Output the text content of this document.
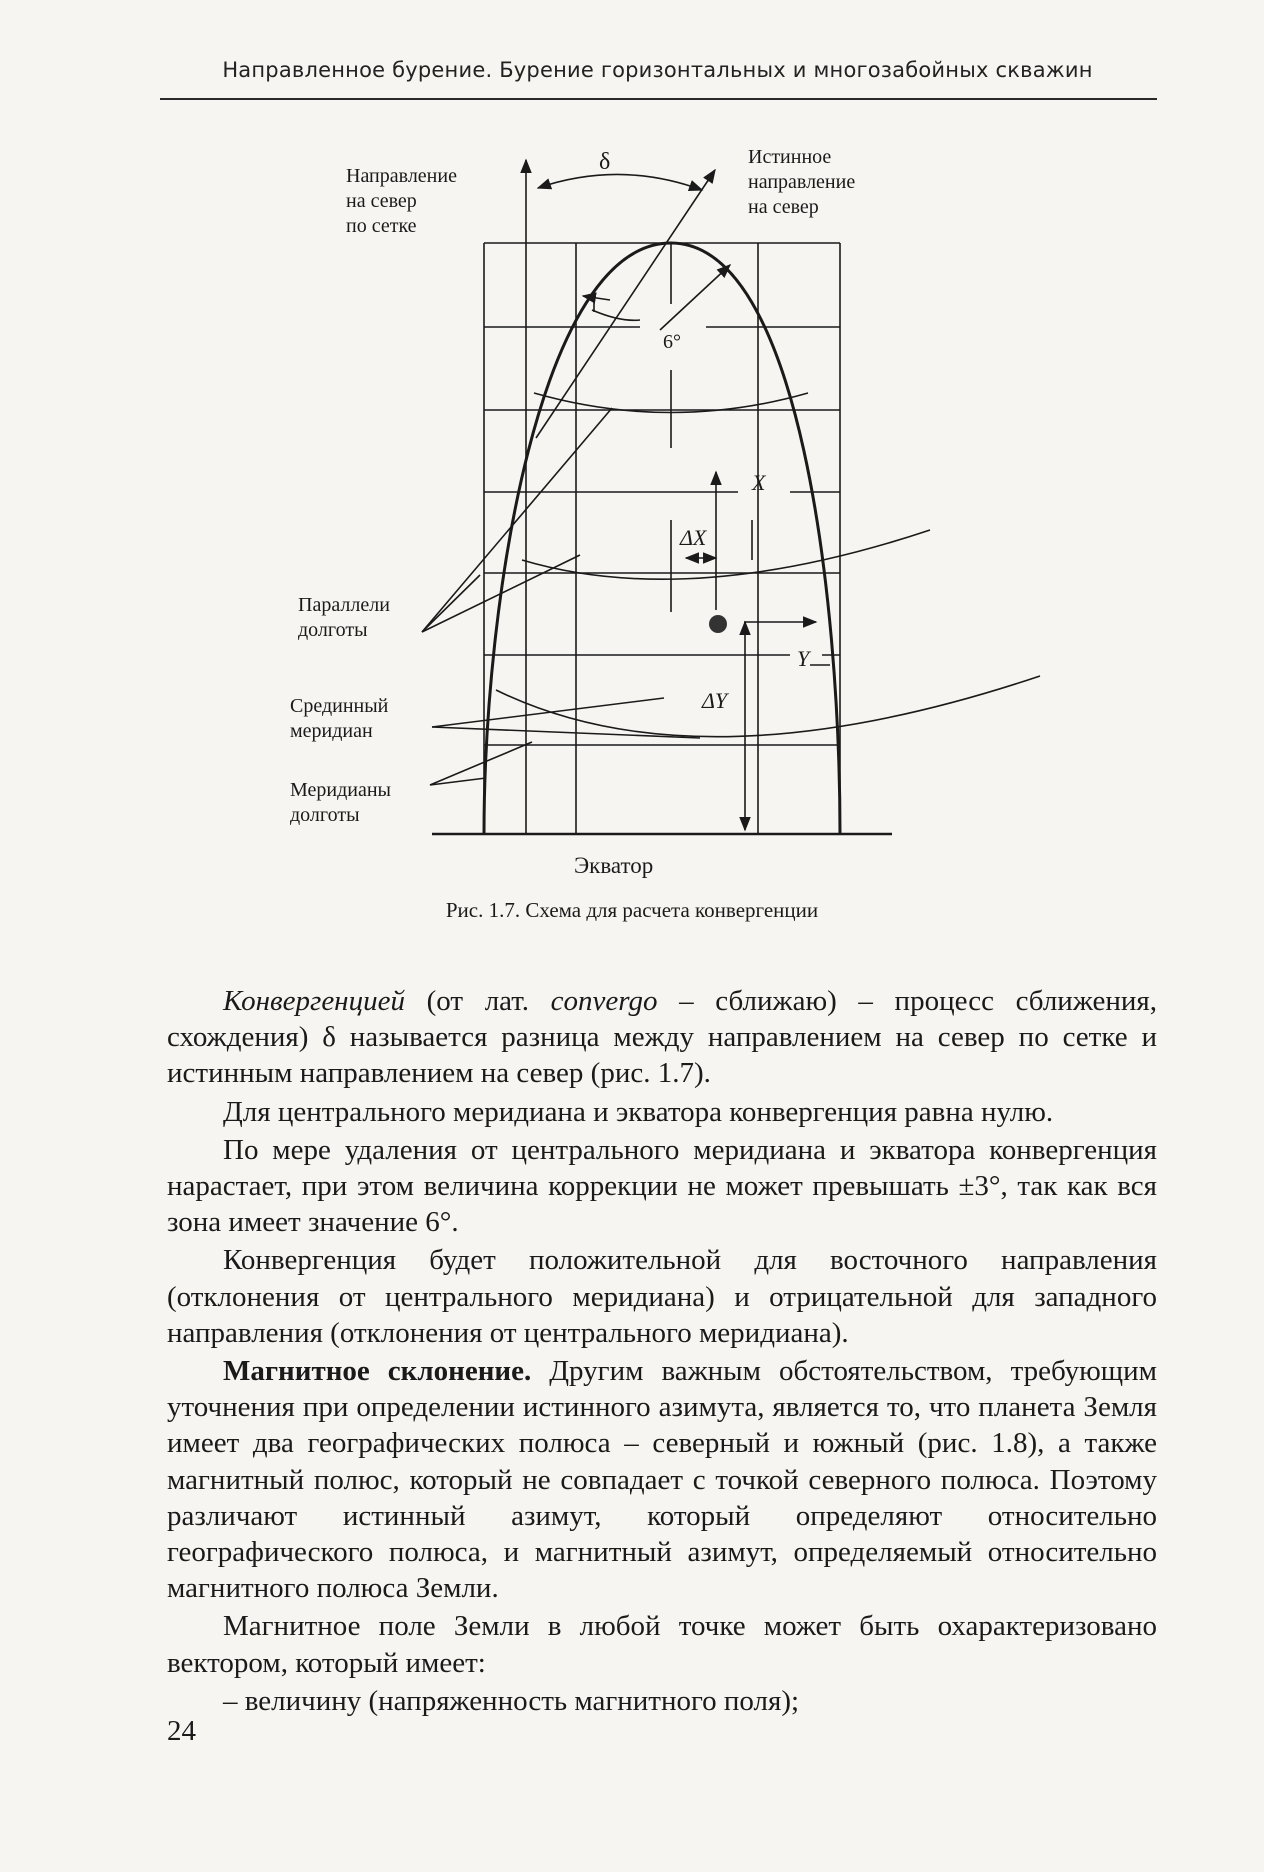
Направленное бурение. Бурение горизонтальных и многозабойных скважин
Направление
на север
по сетке
Истинное
направление
на север
δ
6°
X
ΔX
Y
ΔY
Параллели
долготы
Срединный
меридиан
Меридианы
долготы
Экватор
Рис. 1.7. Схема для расчета конвергенции

Конвергенцией (от лат. convergo – сближаю) – процесс сближения, схождения) δ называется разница между направлением на север по сетке и истинным направлением на север (рис. 1.7).

Для центрального меридиана и экватора конвергенция равна нулю.

По мере удаления от центрального меридиана и экватора конвергенция нарастает, при этом величина коррекции не может превышать ±3°, так как вся зона имеет значение 6°.

Конвергенция будет положительной для восточного направления (отклонения от центрального меридиана) и отрицательной для западного направления (отклонения от центрального меридиана).

Магнитное склонение. Другим важным обстоятельством, требующим уточнения при определении истинного азимута, является то, что планета Земля имеет два географических полюса – северный и южный (рис. 1.8), а также магнитный полюс, который не совпадает с точкой северного полюса. Поэтому различают истинный азимут, который определяют относительно географического полюса, и магнитный азимут, определяемый относительно магнитного полюса Земли.

Магнитное поле Земли в любой точке может быть охарактеризовано вектором, который имеет:

– величину (напряженность магнитного поля);

24
